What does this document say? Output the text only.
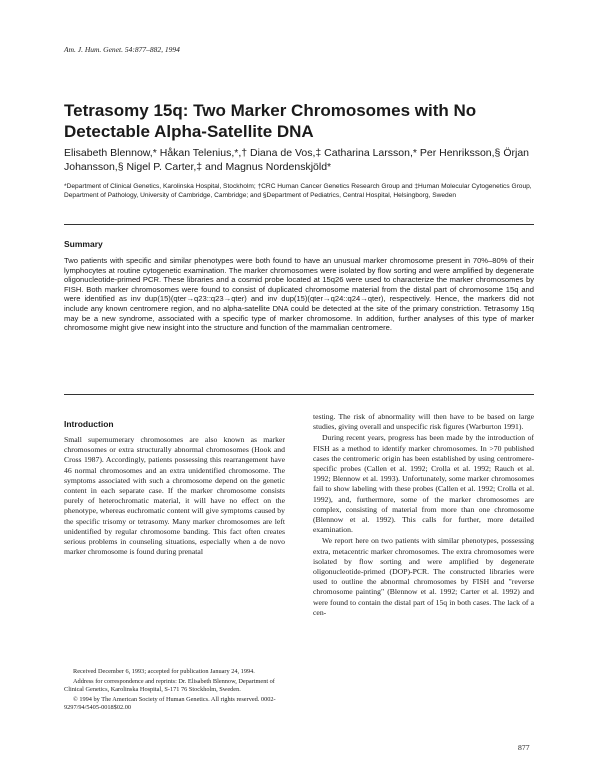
Am. J. Hum. Genet. 54:877–882, 1994
Tetrasomy 15q: Two Marker Chromosomes with No Detectable Alpha-Satellite DNA
Elisabeth Blennow,* Håkan Telenius,*,† Diana de Vos,‡ Catharina Larsson,* Per Henriksson,§ Örjan Johansson,§ Nigel P. Carter,‡ and Magnus Nordenskjöld*
*Department of Clinical Genetics, Karolinska Hospital, Stockholm; †CRC Human Cancer Genetics Research Group and ‡Human Molecular Cytogenetics Group, Department of Pathology, University of Cambridge, Cambridge; and §Department of Pediatrics, Central Hospital, Helsingborg, Sweden
Summary

Two patients with specific and similar phenotypes were both found to have an unusual marker chromosome present in 70%–80% of their lymphocytes at routine cytogenetic examination. The marker chromosomes were isolated by flow sorting and were amplified by degenerate oligonucleotide-primed PCR. These libraries and a cosmid probe located at 15q26 were used to characterize the marker chromosomes by FISH. Both marker chromosomes were found to consist of duplicated chromosome material from the distal part of chromosome 15q and were identified as inv dup(15)(qter→q23::q23→qter) and inv dup(15)(qter→q24::q24→qter), respectively. Hence, the markers did not include any known centromere region, and no alpha-satellite DNA could be detected at the site of the primary constriction. Tetrasomy 15q may be a new syndrome, associated with a specific type of marker chromosome. In addition, further analyses of this type of marker chromosome might give new insight into the structure and function of the mammalian centromere.

Introduction

Small supernumerary chromosomes are also known as marker chromosomes or extra structurally abnormal chromosomes (Hook and Cross 1987). Accordingly, patients possessing this rearrangement have 46 normal chromosomes and an extra unidentified chromosome. The symptoms associated with such a chromosome depend on the genetic content in each separate case. If the marker chromosome consists purely of heterochromatic material, it will have no effect on the phenotype, whereas euchromatic content will give symptoms caused by the specific trisomy or tetrasomy. Many marker chromosomes are left unidentified by regular chromosome banding. This fact often creates serious problems in counseling situations, especially when a de novo marker chromosome is found during prenatal

testing. The risk of abnormality will then have to be based on large studies, giving overall and unspecific risk figures (Warburton 1991).

During recent years, progress has been made by the introduction of FISH as a method to identify marker chromosomes. In >70 published cases the centromeric origin has been established by using centromere-specific probes (Callen et al. 1992; Crolla et al. 1992; Rauch et al. 1992; Blennow et al. 1993). Unfortunately, some marker chromosomes fail to show labeling with these probes (Callen et al. 1992; Crolla et al. 1992), and, furthermore, some of the marker chromosomes are complex, consisting of material from more than one chromosome (Blennow et al. 1992). This calls for further, more detailed examination.

We report here on two patients with similar phenotypes, possessing extra, metacentric marker chromosomes. The extra chromosomes were isolated by flow sorting and were amplified by degenerate oligonucleotide-primed (DOP)-PCR. The constructed libraries were used to outline the abnormal chromosomes by FISH and "reverse chromosome painting" (Blennow et al. 1992; Carter et al. 1992) and were found to contain the distal part of 15q in both cases. The lack of a cen-

Received December 6, 1993; accepted for publication January 24, 1994.

Address for correspondence and reprints: Dr. Elisabeth Blennow, Department of Clinical Genetics, Karolinska Hospital, S-171 76 Stockholm, Sweden.

© 1994 by The American Society of Human Genetics. All rights reserved. 0002-9297/94/5405-0018$02.00

877
